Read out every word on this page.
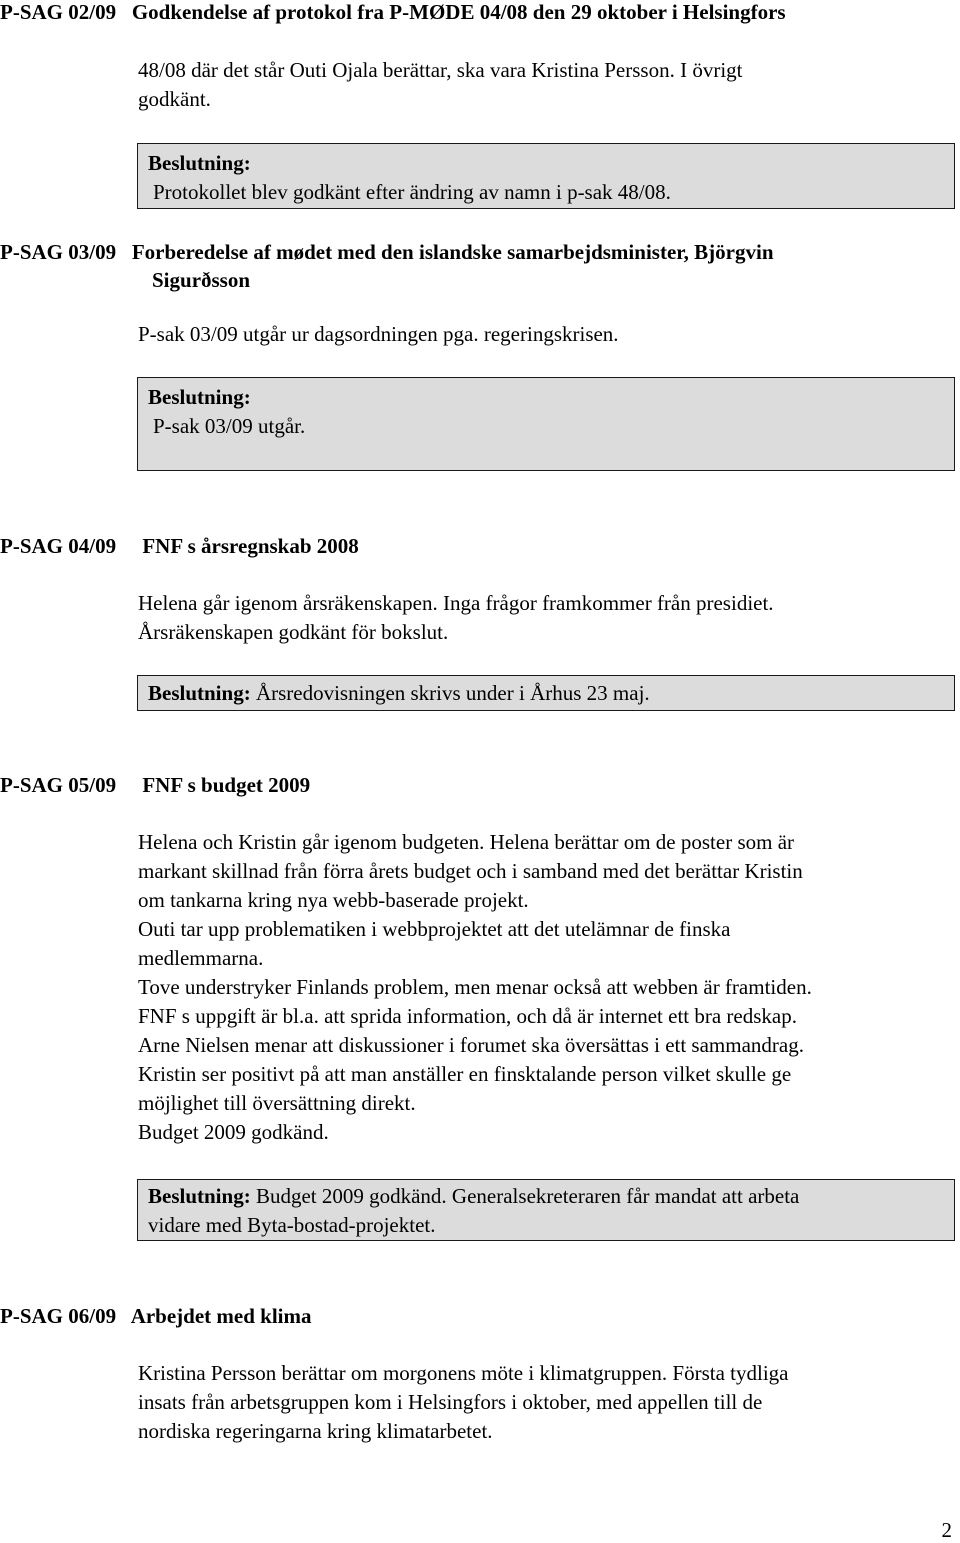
P-SAG 02/09 Godkendelse af protokol fra P-MØDE 04/08 den 29 oktober i Helsingfors
48/08 där det står Outi Ojala berättar, ska vara Kristina Persson. I övrigt
godkänt.
Beslutning:
Protokollet blev godkänt efter ändring av namn i p-sak 48/08.
P-SAG 03/09 Forberedelse af mødet med den islandske samarbejdsminister, Björgvin
Sigurðsson
P-sak 03/09 utgår ur dagsordningen pga. regeringskrisen.
Beslutning:
P-sak 03/09 utgår.
P-SAG 04/09 FNF s årsregnskab 2008
Helena går igenom årsräkenskapen. Inga frågor framkommer från presidiet.
Årsräkenskapen godkänt för bokslut.
Beslutning: Årsredovisningen skrivs under i Århus 23 maj.
P-SAG 05/09 FNF s budget 2009
Helena och Kristin går igenom budgeten. Helena berättar om de poster som är
markant skillnad från förra årets budget och i samband med det berättar Kristin
om tankarna kring nya webb-baserade projekt.
Outi tar upp problematiken i webbprojektet att det utelämnar de finska
medlemmarna.
Tove understryker Finlands problem, men menar också att webben är framtiden.
FNF s uppgift är bl.a. att sprida information, och då är internet ett bra redskap.
Arne Nielsen menar att diskussioner i forumet ska översättas i ett sammandrag.
Kristin ser positivt på att man anställer en finsktalande person vilket skulle ge
möjlighet till översättning direkt.
Budget 2009 godkänd.
Beslutning: Budget 2009 godkänd. Generalsekreteraren får mandat att arbeta
vidare med Byta-bostad-projektet.
P-SAG 06/09 Arbejdet med klima
Kristina Persson berättar om morgonens möte i klimatgruppen. Första tydliga
insats från arbetsgruppen kom i Helsingfors i oktober, med appellen till de
nordiska regeringarna kring klimatarbetet.
2
